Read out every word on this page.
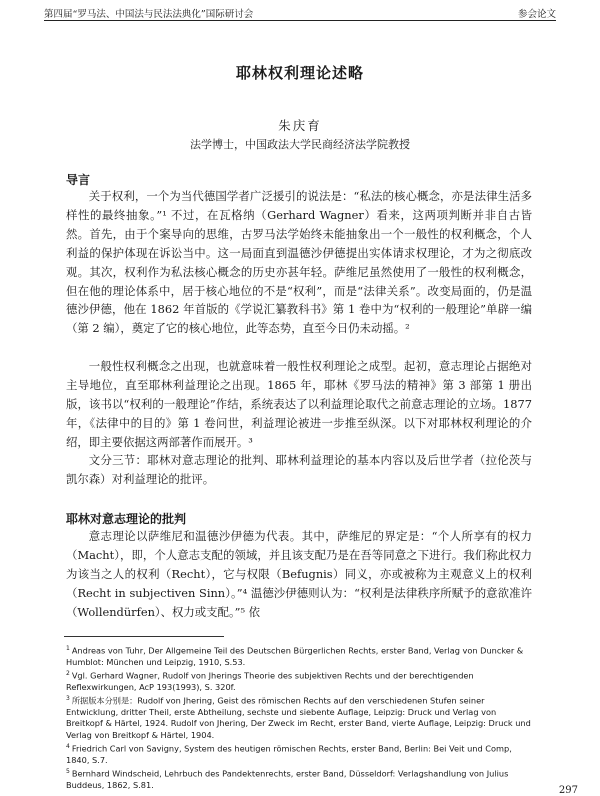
第四届“罗马法、中国法与民法法典化”国际研讨会	参会论文
耶林权利理论述略
朱庆育
法学博士，中国政法大学民商经济法学院教授
导言

关于权利，一个为当代德国学者广泛援引的说法是：“私法的核心概念，亦是法律生活多样性的最终抽象。”¹ 不过，在瓦格纳（Gerhard Wagner）看来，这两项判断并非自古皆然。首先，由于个案导向的思维，古罗马法学始终未能抽象出一个一般性的权利概念，个人利益的保护体现在诉讼当中。这一局面直到温德沙伊德提出实体请求权理论，才为之彻底改观。其次，权利作为私法核心概念的历史亦甚年轻。萨维尼虽然使用了一般性的权利概念，但在他的理论体系中，居于核心地位的不是“权利”，而是“法律关系”。改变局面的，仍是温德沙伊德，他在 1862 年首版的《学说汇纂教科书》第 1 卷中为“权利的一般理论”单辟一编（第 2 编），奠定了它的核心地位，此等态势，直至今日仍未动摇。²

一般性权利概念之出现，也就意味着一般性权利理论之成型。起初，意志理论占据绝对主导地位，直至耶林利益理论之出现。1865 年，耶林《罗马法的精神》第 3 部第 1 册出版，该书以“权利的一般理论”作结，系统表达了以利益理论取代之前意志理论的立场。1877 年，《法律中的目的》第 1 卷问世，利益理论被进一步推至纵深。以下对耶林权利理论的介绍，即主要依据这两部著作而展开。³

文分三节：耶林对意志理论的批判、耶林利益理论的基本内容以及后世学者（拉伦茨与凯尔森）对利益理论的批评。

耶林对意志理论的批判

意志理论以萨维尼和温德沙伊德为代表。其中，萨维尼的界定是：“个人所享有的权力（Macht），即，个人意志支配的领域，并且该支配乃是在吾等同意之下进行。我们称此权力为该当之人的权利（Recht），它与权限（Befugnis）同义，亦或被称为主观意义上的权利（Recht in subjectiven Sinn）。”⁴ 温德沙伊德则认为：“权利是法律秩序所赋予的意欲准许（Wollendürfen）、权力或支配。”⁵ 依

$^1$ Andreas von Tuhr, Der Allgemeine Teil des Deutschen Bürgerlichen Rechts, erster Band, Verlag von Duncker & Humblot: München und Leipzig, 1910, S.53.
$^2$ Vgl. Gerhard Wagner, Rudolf von Jherings Theorie des subjektiven Rechts und der berechtigenden Reflexwirkungen, AcP 193(1993), S. 320f.
$^3$ 所据版本分别是：Rudolf von Jhering, Geist des römischen Rechts auf den verschiedenen Stufen seiner Entwicklung, dritter Theil, erste Abtheilung, sechste und siebente Auflage, Leipzig: Druck und Verlag von Breitkopf & Härtel, 1924. Rudolf von Jhering, Der Zweck im Recht, erster Band, vierte Auflage, Leipzig: Druck und Verlag von Breitkopf & Härtel, 1904.
$^4$ Friedrich Carl von Savigny, System des heutigen römischen Rechts, erster Band, Berlin: Bei Veit und Comp, 1840, S.7.
$^5$ Bernhard Windscheid, Lehrbuch des Pandektenrechts, erster Band, Düsseldorf: Verlagshandlung von Julius Buddeus, 1862, S.81.
297
